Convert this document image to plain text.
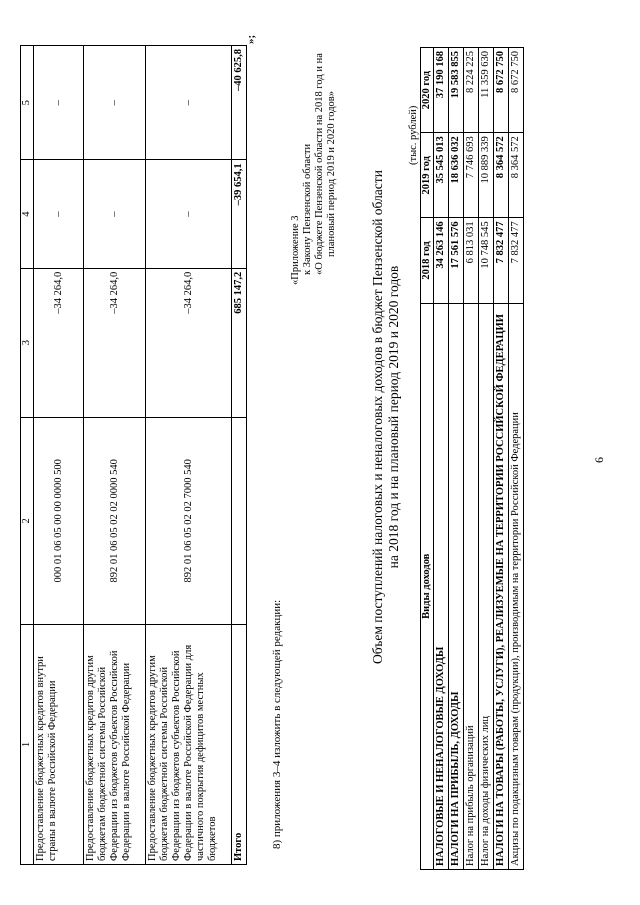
6
1	2	3	4	5
Предоставление бюджетных кредитов внутри страны в валюте Российской Федерации	000 01 06 05 00 00 0000 500	–34 264,0	–	–
Предоставление бюджетных кредитов другим бюджетам бюджетной системы Российской Федерации из бюджетов субъектов Российской Федерации в валюте Российской Федерации	892 01 06 05 02 02 0000 540	–34 264,0	–	–
Предоставление бюджетных кредитов другим бюджетам бюджетной системы Российской Федерации из бюджетов субъектов Российской Федерации в валюте Российской Федерации для частичного покрытия дефицитов местных бюджетов	892 01 06 05 02 02 7000 540	–34 264,0	–	–
Итого		685 147,2	–39 654,1	–40 625,8
»;
8) приложения 3–4 изложить в следующей редакции:
«Приложение 3 к Закону Пензенской области «О бюджете Пензенской области на 2018 год и на плановый период 2019 и 2020 годов» Объем поступлений налоговых и неналоговых доходов в бюджет Пензенской области на 2018 год и на плановый период 2019 и 2020 годов
(тыс. рублей)
Виды доходов	2018 год	2019 год	2020 год
НАЛОГОВЫЕ И НЕНАЛОГОВЫЕ ДОХОДЫ	34 263 146	35 545 013	37 190 168
НАЛОГИ НА ПРИБЫЛЬ, ДОХОДЫ	17 561 576	18 636 032	19 583 855
Налог на прибыль организаций	6 813 031	7 746 693	8 224 225
Налог на доходы физических лиц	10 748 545	10 889 339	11 359 630
НАЛОГИ НА ТОВАРЫ (РАБОТЫ, УСЛУГИ), РЕАЛИЗУЕМЫЕ НА ТЕРРИТОРИИ РОССИЙСКОЙ ФЕДЕРАЦИИ	7 832 477	8 364 572	8 672 750
Акцизы по подакцизным товарам (продукции), производимым на территории Российской Федерации	7 832 477	8 364 572	8 672 750
